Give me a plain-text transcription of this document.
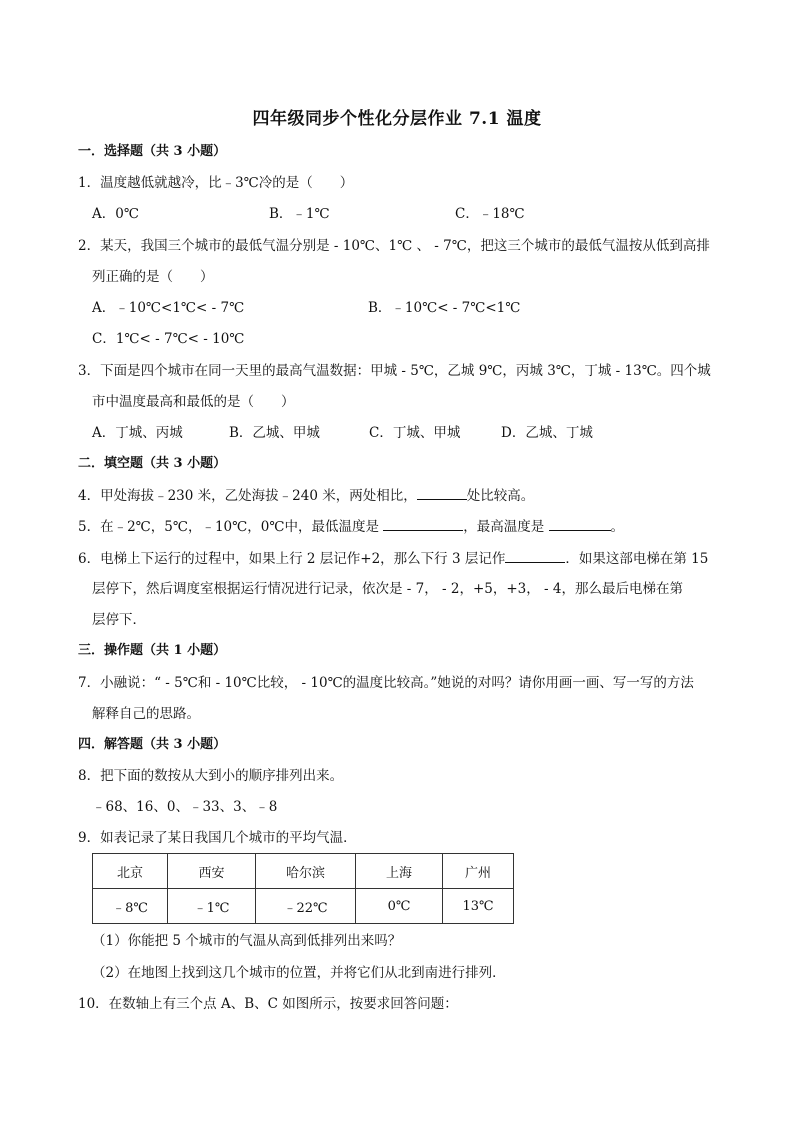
四年级同步个性化分层作业 7.1 温度
一．选择题（共 3 小题）
1．温度越低就越冷，比﹣3℃冷的是（　　）
A．0℃	B．﹣1℃	C．﹣18℃
2．某天，我国三个城市的最低气温分别是 - 10℃、1℃ 、 - 7℃，把这三个城市的最低气温按从低到高排
列正确的是（　　）
A．﹣10℃<1℃< - 7℃	B．﹣10℃< - 7℃<1℃
C．1℃< - 7℃< - 10℃
3．下面是四个城市在同一天里的最高气温数据：甲城 - 5℃，乙城 9℃，丙城 3℃，丁城 - 13℃。四个城
市中温度最高和最低的是（　　）
A．丁城、丙城	B．乙城、甲城	C．丁城、甲城	D．乙城、丁城
二．填空题（共 3 小题）
4．甲处海拔﹣230 米，乙处海拔﹣240 米，两处相比，	处比较高。
5．在﹣2℃，5℃，﹣10℃，0℃中，最低温度是	，最高温度是	。
6．电梯上下运行的过程中，如果上行 2 层记作+2，那么下行 3 层记作	．如果这部电梯在第 15
层停下，然后调度室根据运行情况进行记录，依次是 - 7， - 2，+5，+3， - 4，那么最后电梯在第
层停下．
三．操作题（共 1 小题）
7．小融说：“ - 5℃和 - 10℃比较， - 10℃的温度比较高。”她说的对吗？请你用画一画、写一写的方法
解释自己的思路。
四．解答题（共 3 小题）
8．把下面的数按从大到小的顺序排列出来。
﹣68、16、0、﹣33、3、﹣8
9．如表记录了某日我国几个城市的平均气温．
北京	西安	哈尔滨	上海	广州
﹣8℃	﹣1℃	﹣22℃	0℃	13℃
（1）你能把 5 个城市的气温从高到低排列出来吗？
（2）在地图上找到这几个城市的位置，并将它们从北到南进行排列．
10．在数轴上有三个点 A、B、C 如图所示，按要求回答问题：
